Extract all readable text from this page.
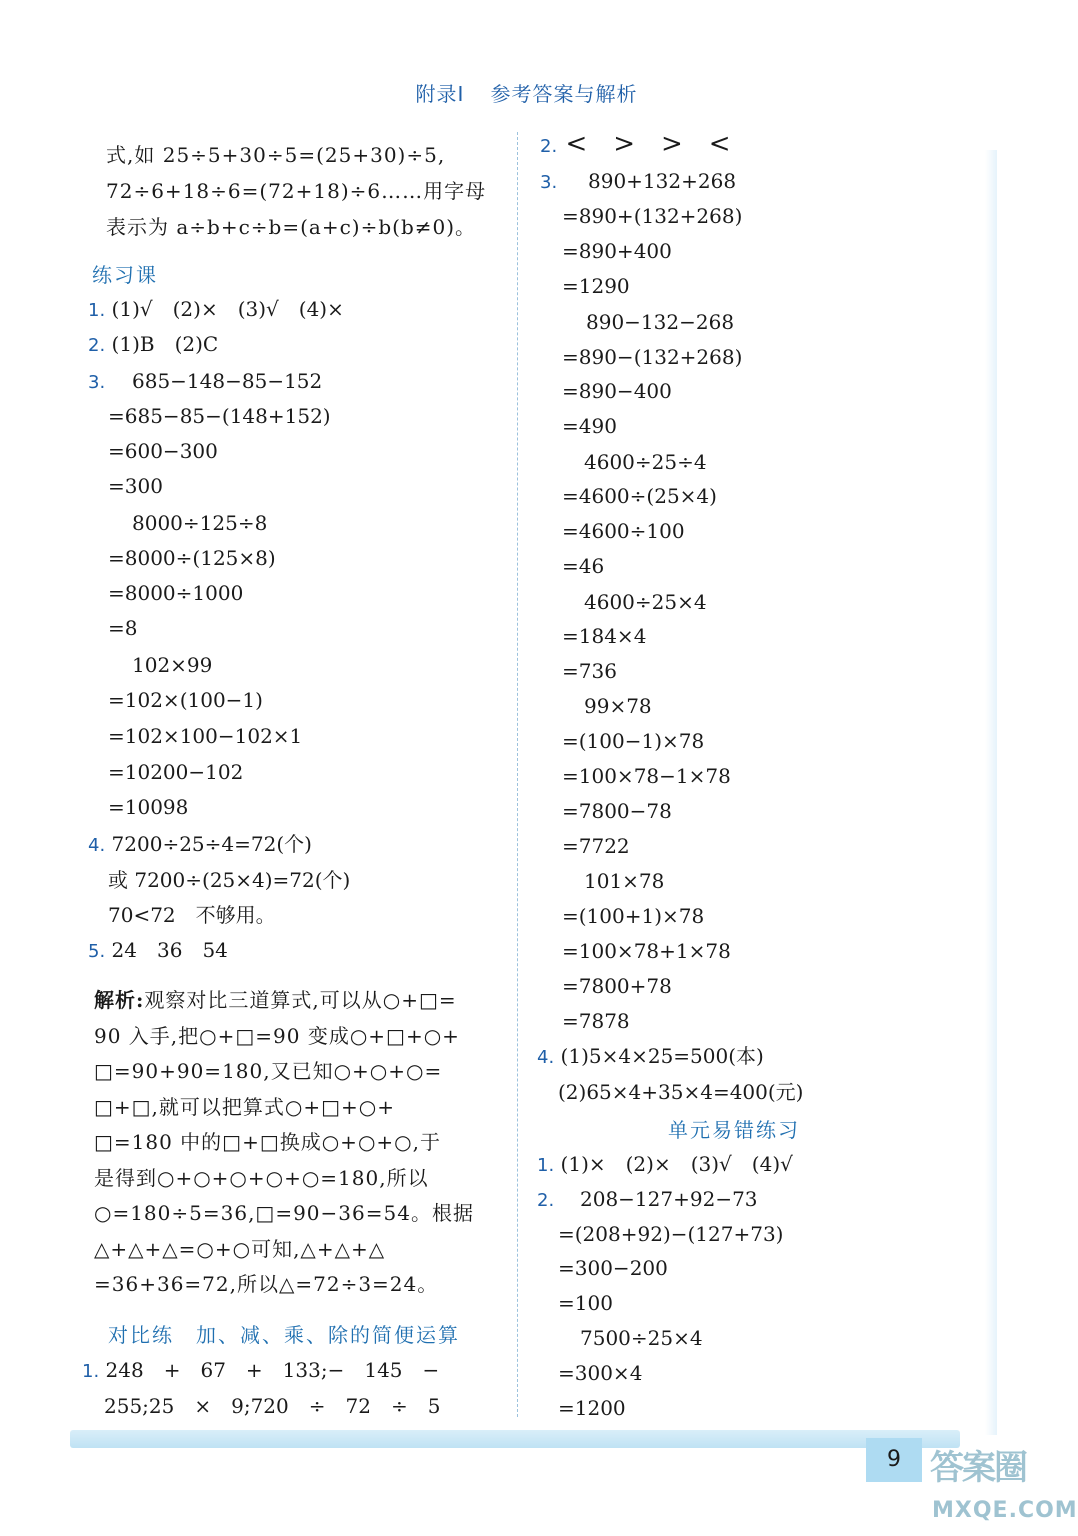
附录Ⅰ 参考答案与解析
式,如 25÷5+30÷5=(25+30)÷5,
72÷6+18÷6=(72+18)÷6……用字母
表示为 a÷b+c÷b=(a+c)÷b(b≠0)。
练习课
1. (1)√　(2)×　(3)√　(4)×
2. (1)B　(2)C
3. 685−148−85−152
=685−85−(148+152)
=600−300
=300
8000÷125÷8
=8000÷(125×8)
=8000÷1000
=8
102×99
=102×(100−1)
=102×100−102×1
=10200−102
=10098
4. 7200÷25÷4=72(个)
或 7200÷(25×4)=72(个)
70<72　不够用。
5. 24　36　54
解析:观察对比三道算式,可以从○+□=
90 入手,把○+□=90 变成○+□+○+
□=90+90=180,又已知○+○+○=
□+□,就可以把算式○+□+○+
□=180 中的□+□换成○+○+○,于
是得到○+○+○+○+○=180,所以
○=180÷5=36,□=90−36=54。根据
△+△+△=○+○可知,△+△+△
=36+36=72,所以△=72÷3=24。
对比练　加、减、乘、除的简便运算
1. 248　+　67　+　133;−　145　−
255;25　×　9;720　÷　72　÷　5
2. <　>　>　<
3. 890+132+268
=890+(132+268)
=890+400
=1290
890−132−268
=890−(132+268)
=890−400
=490
4600÷25÷4
=4600÷(25×4)
=4600÷100
=46
4600÷25×4
=184×4
=736
99×78
=(100−1)×78
=100×78−1×78
=7800−78
=7722
101×78
=(100+1)×78
=100×78+1×78
=7800+78
=7878
4. (1)5×4×25=500(本)
(2)65×4+35×4=400(元)
单元易错练习
1. (1)×　(2)×　(3)√　(4)√
2. 208−127+92−73
=(208+92)−(127+73)
=300−200
=100
7500÷25×4
=300×4
=1200
9 答案圈
MXQE.COM
